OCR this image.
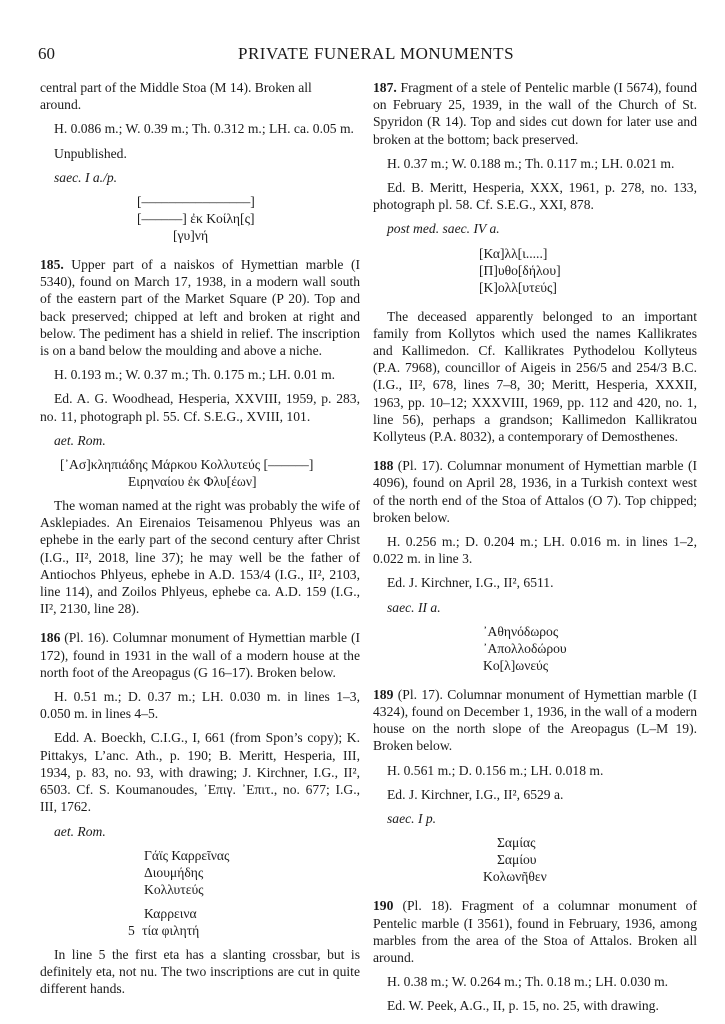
60	PRIVATE FUNERAL MONUMENTS

central part of the Middle Stoa (M 14). Broken all

around.

H. 0.086 m.; W. 0.39 m.; Th. 0.312 m.; LH. ca. 0.05 m.

Unpublished.

saec. I a./p.

[––––––––––––––––]

[––––––] ἐκ Κοίλη[ς]

[γυ]νή

185. Upper part of a naiskos of Hymettian marble (I 5340), found on March 17, 1938, in a modern wall south of the eastern part of the Market Square (P 20). Top and back preserved; chipped at left and broken at right and below. The pediment has a shield in relief. The inscription is on a band below the moulding and above a niche.

H. 0.193 m.; W. 0.37 m.; Th. 0.175 m.; LH. 0.01 m.

Ed. A. G. Woodhead, Hesperia, XXVIII, 1959, p. 283, no. 11, photograph pl. 55. Cf. S.E.G., XVIII, 101.

aet. Rom.

[᾿Ασ]κληπιάδης Μάρκου Κολλυτεύς [––––––]

Ειρηναίου ἐκ Φλυ[έων]

The woman named at the right was probably the wife of Asklepiades. An Eirenaios Teisamenou Phlyeus was an ephebe in the early part of the second century after Christ (I.G., II², 2018, line 37); he may well be the father of Antiochos Phlyeus, ephebe in A.D. 153/4 (I.G., II², 2103, line 114), and Zoilos Phlyeus, ephebe ca. A.D. 159 (I.G., II², 2130, line 28).

186 (Pl. 16). Columnar monument of Hymettian marble (I 172), found in 1931 in the wall of a modern house at the north foot of the Areopagus (G 16–17). Broken below.

H. 0.51 m.; D. 0.37 m.; LH. 0.030 m. in lines 1–3, 0.050 m. in lines 4–5.

Edd. A. Boeckh, C.I.G., I, 661 (from Spon’s copy); K. Pittakys, L’anc. Ath., p. 190; B. Meritt, Hesperia, III, 1934, p. 83, no. 93, with drawing; J. Kirchner, I.G., II², 6503. Cf. S. Koumanoudes, ᾿Επιγ. ᾿Επιτ., no. 677; I.G., III, 1762.

aet. Rom.

Γάϊς Καρρεῖνας

Διουμήδης

Κολλυτεύς

Καρρεινα

5 τία φιλητή

In line 5 the first eta has a slanting crossbar, but is definitely eta, not nu. The two inscriptions are cut in quite different hands.

187. Fragment of a stele of Pentelic marble (I 5674), found on February 25, 1939, in the wall of the Church of St. Spyridon (R 14). Top and sides cut down for later use and broken at the bottom; back preserved.

H. 0.37 m.; W. 0.188 m.; Th. 0.117 m.; LH. 0.021 m.

Ed. B. Meritt, Hesperia, XXX, 1961, p. 278, no. 133, photograph pl. 58. Cf. S.E.G., XXI, 878.

post med. saec. IV a.

[Κα]λλ[ι.....]

[Π]υθο[δήλου]

[Κ]ολλ[υτεύς]

The deceased apparently belonged to an important family from Kollytos which used the names Kallikrates and Kallimedon. Cf. Kallikrates Pythodelou Kollyteus (P.A. 7968), councillor of Aigeis in 256/5 and 254/3 B.C. (I.G., II², 678, lines 7–8, 30; Meritt, Hesperia, XXXII, 1963, pp. 10–12; XXXVIII, 1969, pp. 112 and 420, no. 1, line 56), perhaps a grandson; Kallimedon Kallikratou Kollyteus (P.A. 8032), a contemporary of Demosthenes.

188 (Pl. 17). Columnar monument of Hymettian marble (I 4096), found on April 28, 1936, in a Turkish context west of the north end of the Stoa of Attalos (O 7). Top chipped; broken below.

H. 0.256 m.; D. 0.204 m.; LH. 0.016 m. in lines 1–2, 0.022 m. in line 3.

Ed. J. Kirchner, I.G., II², 6511.

saec. II a.

᾿Αθηνόδωρος

᾿Απολλοδώρου

Κο[λ]ωνεύς

189 (Pl. 17). Columnar monument of Hymettian marble (I 4324), found on December 1, 1936, in the wall of a modern house on the north slope of the Areopagus (L–M 19). Broken below.

H. 0.561 m.; D. 0.156 m.; LH. 0.018 m.

Ed. J. Kirchner, I.G., II², 6529 a.

saec. I p.

Σαμίας

Σαμίου

Κολωνῆθεν

190 (Pl. 18). Fragment of a columnar monument of Pentelic marble (I 3561), found in February, 1936, among marbles from the area of the Stoa of Attalos. Broken all around.

H. 0.38 m.; W. 0.264 m.; Th. 0.18 m.; LH. 0.030 m.

Ed. W. Peek, A.G., II, p. 15, no. 25, with drawing.
